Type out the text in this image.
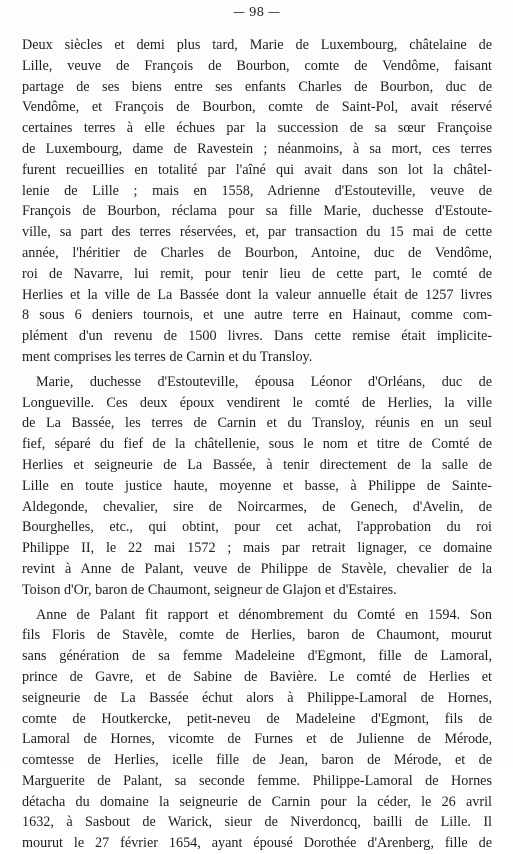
— 98 —

Deux siècles et demi plus tard, Marie de Luxembourg, châtelaine de
Lille, veuve de François de Bourbon, comte de Vendôme, faisant
partage de ses biens entre ses enfants Charles de Bourbon, duc de
Vendôme, et François de Bourbon, comte de Saint-Pol, avait réservé
certaines terres à elle échues par la succession de sa sœur Françoise
de Luxembourg, dame de Ravestein ; néanmoins, à sa mort, ces terres
furent recueillies en totalité par l'aîné qui avait dans son lot la châtel-
lenie de Lille ; mais en 1558, Adrienne d'Estouteville, veuve de
François de Bourbon, réclama pour sa fille Marie, duchesse d'Estoute-
ville, sa part des terres réservées, et, par transaction du 15 mai de cette
année, l'héritier de Charles de Bourbon, Antoine, duc de Vendôme,
roi de Navarre, lui remit, pour tenir lieu de cette part, le comté de
Herlies et la ville de La Bassée dont la valeur annuelle était de 1257 livres
8 sous 6 deniers tournois, et une autre terre en Hainaut, comme com-
plément d'un revenu de 1500 livres. Dans cette remise était implicite-
ment comprises les terres de Carnin et du Transloy.

Marie, duchesse d'Estouteville, épousa Léonor d'Orléans, duc de
Longueville. Ces deux époux vendirent le comté de Herlies, la ville
de La Bassée, les terres de Carnin et du Transloy, réunis en un seul
fief, séparé du fief de la châtellenie, sous le nom et titre de Comté de
Herlies et seigneurie de La Bassée, à tenir directement de la salle de
Lille en toute justice haute, moyenne et basse, à Philippe de Sainte-
Aldegonde, chevalier, sire de Noircarmes, de Genech, d'Avelin, de
Bourghelles, etc., qui obtint, pour cet achat, l'approbation du roi
Philippe II, le 22 mai 1572 ; mais par retrait lignager, ce domaine
revint à Anne de Palant, veuve de Philippe de Stavèle, chevalier de la
Toison d'Or, baron de Chaumont, seigneur de Glajon et d'Estaires.

Anne de Palant fit rapport et dénombrement du Comté en 1594. Son
fils Floris de Stavèle, comte de Herlies, baron de Chaumont, mourut
sans génération de sa femme Madeleine d'Egmont, fille de Lamoral,
prince de Gavre, et de Sabine de Bavière. Le comté de Herlies et
seigneurie de La Bassée échut alors à Philippe-Lamoral de Hornes,
comte de Houtkercke, petit-neveu de Madeleine d'Egmont, fils de
Lamoral de Hornes, vicomte de Furnes et de Julienne de Mérode,
comtesse de Herlies, icelle fille de Jean, baron de Mérode, et de
Marguerite de Palant, sa seconde femme. Philippe-Lamoral de Hornes
détacha du domaine la seigneurie de Carnin pour la céder, le 26 avril
1632, à Sasbout de Warick, sieur de Niverdoncq, bailli de Lille. Il
mourut le 27 février 1654, ayant épousé Dorothée d'Arenberg, fille de
